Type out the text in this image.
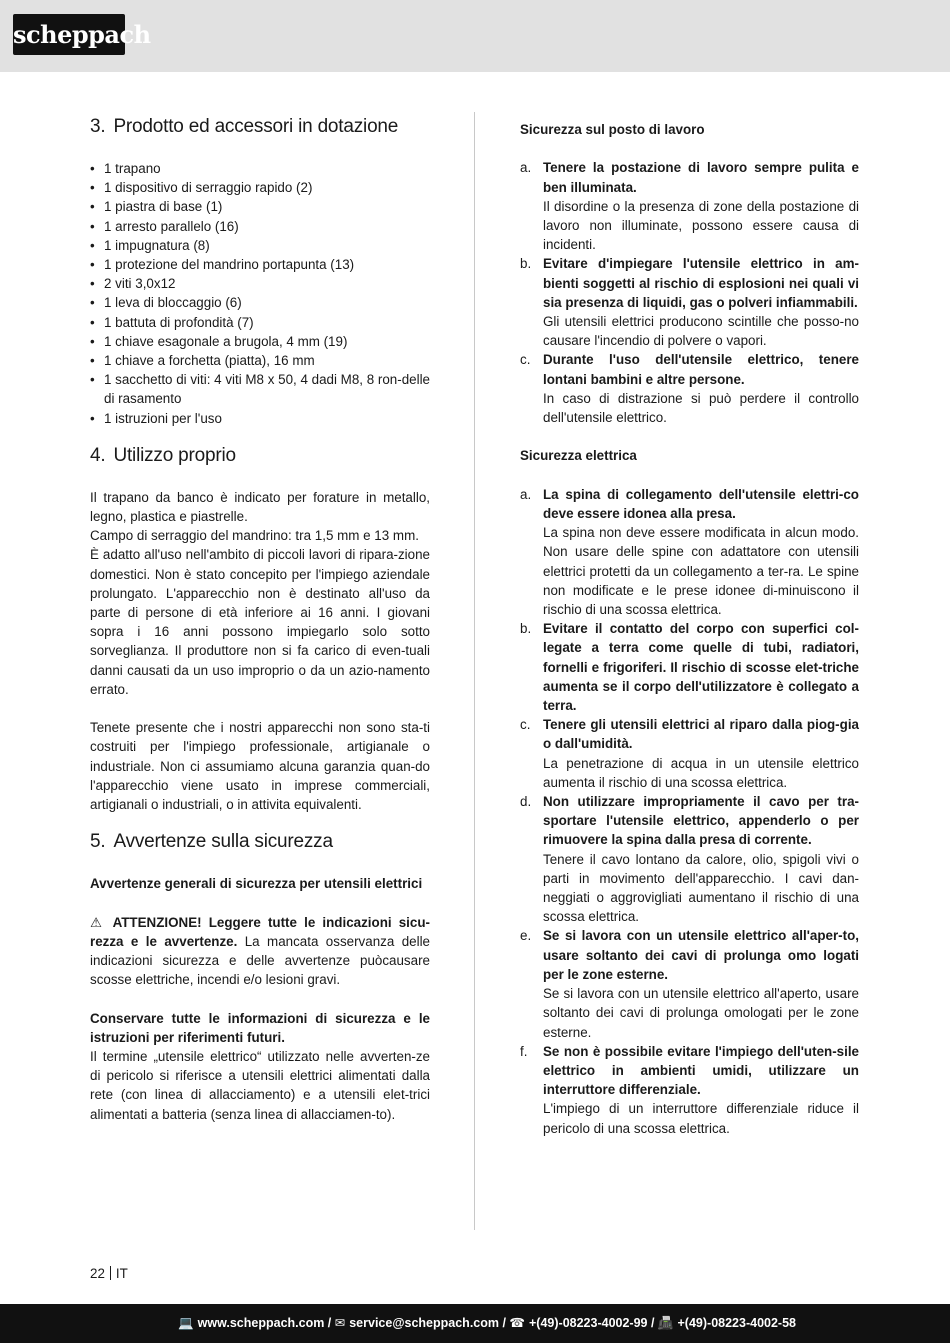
scheppach
3. Prodotto ed accessori in dotazione
• 1 trapano
• 1 dispositivo di serraggio rapido (2)
• 1 piastra di base (1)
• 1 arresto parallelo (16)
• 1 impugnatura (8)
• 1 protezione del mandrino portapunta (13)
• 2 viti 3,0x12
• 1 leva di bloccaggio (6)
• 1 battuta di profondità (7)
• 1 chiave esagonale a brugola, 4 mm (19)
• 1 chiave a forchetta (piatta), 16 mm
• 1 sacchetto di viti: 4 viti M8 x 50, 4 dadi M8, 8 ron-delle di rasamento
• 1 istruzioni per l'uso
4. Utilizzo proprio

Il trapano da banco è indicato per forature in metallo, legno, plastica e piastrelle.

Campo di serraggio del mandrino: tra 1,5 mm e 13 mm.

È adatto all'uso nell'ambito di piccoli lavori di ripara-zione domestici. Non è stato concepito per l'impiego aziendale prolungato. L'apparecchio non è destinato all'uso da parte di persone di età inferiore ai 16 anni. I giovani sopra i 16 anni possono impiegarlo solo sotto sorveglianza. Il produttore non si fa carico di even-tuali danni causati da un uso improprio o da un azio-namento errato.

Tenete presente che i nostri apparecchi non sono sta-ti costruiti per l'impiego professionale, artigianale o industriale. Non ci assumiamo alcuna garanzia quan-do l'apparecchio viene usato in imprese commerciali, artigianali o industriali, o in attivita equivalenti.

5. Avvertenze sulla sicurezza

Avvertenze generali di sicurezza per utensili elettrici

⚠ ATTENZIONE! Leggere tutte le indicazioni sicu-rezza e le avvertenze. La mancata osservanza delle indicazioni sicurezza e delle avvertenze puòcausare scosse elettriche, incendi e/o lesioni gravi.

Conservare tutte le informazioni di sicurezza e le istruzioni per riferimenti futuri.

Il termine „utensile elettrico“ utilizzato nelle avverten-ze di pericolo si riferisce a utensili elettrici alimentati dalla rete (con linea di allacciamento) e a utensili elet-trici alimentati a batteria (senza linea di allacciamen-to).

Sicurezza sul posto di lavoro

a. Tenere la postazione di lavoro sempre pulita e ben illuminata.
Il disordine o la presenza di zone della postazione di lavoro non illuminate, possono essere causa di incidenti.
b. Evitare d'impiegare l'utensile elettrico in am-bienti soggetti al rischio di esplosioni nei quali vi sia presenza di liquidi, gas o polveri infiammabili.
Gli utensili elettrici producono scintille che posso-no causare l'incendio di polvere o vapori.
c. Durante l'uso dell'utensile elettrico, tenere lontani bambini e altre persone.
In caso di distrazione si può perdere il controllo dell'utensile elettrico.

Sicurezza elettrica

a. La spina di collegamento dell'utensile elettri-co deve essere idonea alla presa.
La spina non deve essere modificata in alcun modo. Non usare delle spine con adattatore con utensili elettrici protetti da un collegamento a ter-ra. Le spine non modificate e le prese idonee di-minuiscono il rischio di una scossa elettrica.
b. Evitare il contatto del corpo con superfici col-legate a terra come quelle di tubi, radiatori, fornelli e frigoriferi. Il rischio di scosse elet-triche aumenta se il corpo dell'utilizzatore è collegato a terra.
c. Tenere gli utensili elettrici al riparo dalla piog-gia o dall'umidità.
La penetrazione di acqua in un utensile elettrico aumenta il rischio di una scossa elettrica.
d. Non utilizzare impropriamente il cavo per tra-sportare l'utensile elettrico, appenderlo o per rimuovere la spina dalla presa di corrente.
Tenere il cavo lontano da calore, olio, spigoli vivi o parti in movimento dell'apparecchio. I cavi dan-neggiati o aggrovigliati aumentano il rischio di una scossa elettrica.
e. Se si lavora con un utensile elettrico all'aper-to, usare soltanto dei cavi di prolunga omo logati per le zone esterne.
Se si lavora con un utensile elettrico all'aperto, usare soltanto dei cavi di prolunga omologati per le zone esterne.
f. Se non è possibile evitare l'impiego dell'uten-sile elettrico in ambienti umidi, utilizzare un interruttore differenziale.
L'impiego di un interruttore differenziale riduce il pericolo di una scossa elettrica.
22 IT
💻 www.scheppach.com / ✉ service@scheppach.com / ☎ +(49)-08223-4002-99 / 📠 +(49)-08223-4002-58
